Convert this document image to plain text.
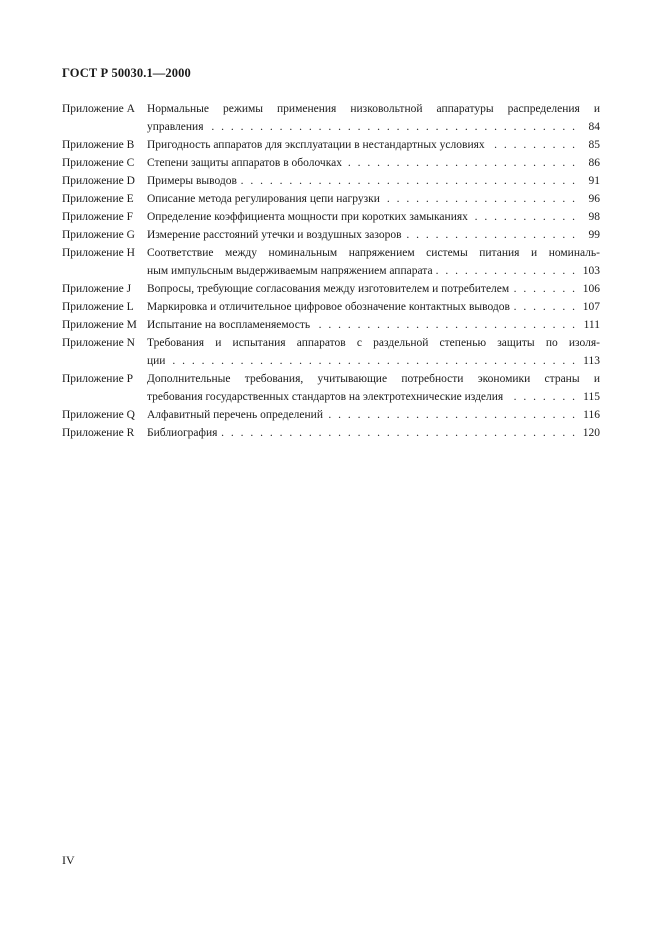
ГОСТ Р 50030.1—2000
Приложение A	Нормальные режимы применения низковольтной аппаратуры распределения и
управления . . .	84
Приложение B	Пригодность аппаратов для эксплуатации в нестандартных условиях . . .	85
Приложение C	Степени защиты аппаратов в оболочках . . .	86
Приложение D	Примеры выводов . . .	91
Приложение E	Описание метода регулирования цепи нагрузки . . .	96
Приложение F	Определение коэффициента мощности при коротких замыканиях . . .	98
Приложение G	Измерение расстояний утечки и воздушных зазоров . . .	99
Приложение H	Соответствие между номинальным напряжением системы питания и номиналь-
ным импульсным выдерживаемым напряжением аппарата . . .	103
Приложение J	Вопросы, требующие согласования между изготовителем и потребителем . . .	106
Приложение L	Маркировка и отличительное цифровое обозначение контактных выводов . . .	107
Приложение M Испытание на воспламеняемость . . .	111
Приложение N	Требования и испытания аппаратов с раздельной степенью защиты по изоля-
ции . . .	113
Приложение P	Дополнительные требования, учитывающие потребности экономики страны и
требования государственных стандартов на электротехнические изделия . . .	115
Приложение Q	Алфавитный перечень определений . . .	116
Приложение R	Библиография . . .	120
IV
